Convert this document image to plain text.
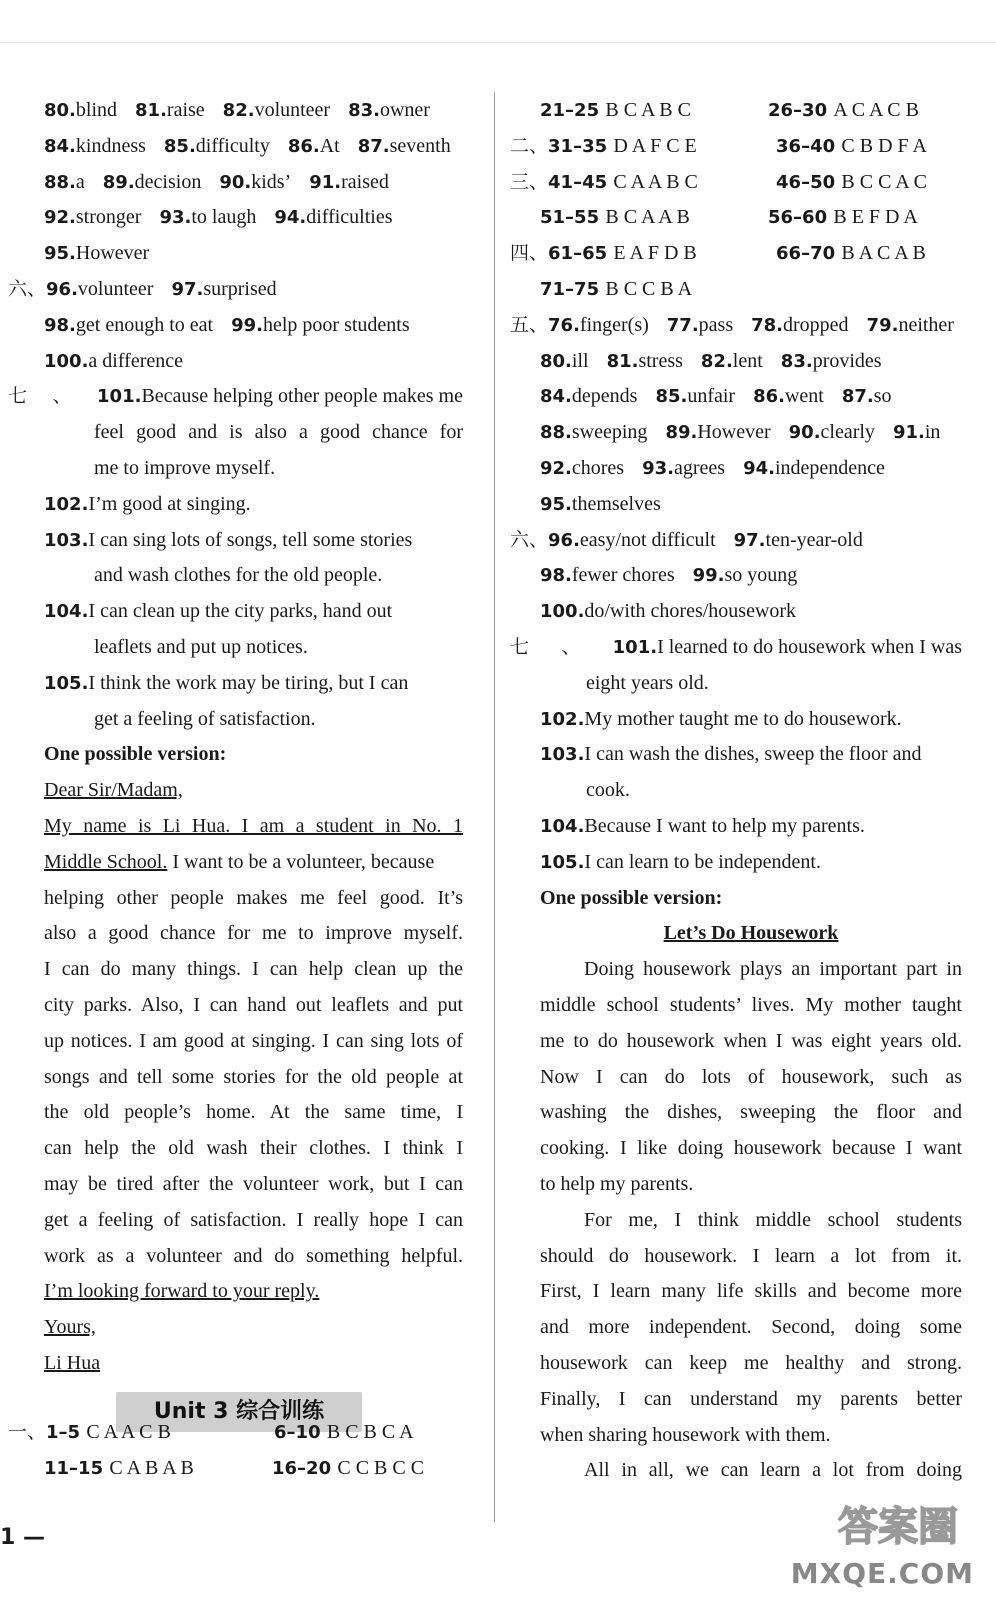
80.blind 81.raise 82.volunteer 83.owner
84.kindness 85.difficulty 86.At 87.seventh
88.a 89.decision 90.kids’ 91.raised
92.stronger 93.to laugh 94.difficulties
95.However
六、96.volunteer 97.surprised
98.get enough to eat 99.help poor students
100.a difference
七、101.Because helping other people makes me
feel good and is also a good chance for
me to improve myself.
102.I’m good at singing.
103.I can sing lots of songs, tell some stories
and wash clothes for the old people.
104.I can clean up the city parks, hand out
leaflets and put up notices.
105.I think the work may be tiring, but I can
get a feeling of satisfaction.
One possible version:
Dear Sir/Madam,
My name is Li Hua. I am a student in No. 1
Middle School. I want to be a volunteer, because
helping other people makes me feel good. It’s
also a good chance for me to improve myself.
I can do many things. I can help clean up the
city parks. Also, I can hand out leaflets and put
up notices. I am good at singing. I can sing lots of
songs and tell some stories for the old people at
the old people’s home. At the same time, I
can help the old wash their clothes. I think I
may be tired after the volunteer work, but I can
get a feeling of satisfaction. I really hope I can
work as a volunteer and do something helpful.
I’m looking forward to your reply.
Yours,
Li Hua
21–25 B C A B C	26–30 A C A C B
二、31–35 D A F C E	36–40 C B D F A
三、41–45 C A A B C	46–50 B C C A C
51–55 B C A A B	56–60 B E F D A
四、61–65 E A F D B	66–70 B A C A B
71–75 B C C B A
五、76.finger(s) 77.pass 78.dropped 79.neither
80.ill 81.stress 82.lent 83.provides
84.depends 85.unfair 86.went 87.so
88.sweeping 89.However 90.clearly 91.in
92.chores 93.agrees 94.independence
95.themselves
六、96.easy/not difficult 97.ten-year-old
98.fewer chores 99.so young
100.do/with chores/housework
七、101.I learned to do housework when I was
eight years old.
102.My mother taught me to do housework.
103.I can wash the dishes, sweep the floor and
cook.
104.Because I want to help my parents.
105.I can learn to be independent.
One possible version:
Let’s Do Housework
Doing housework plays an important part in
middle school students’ lives. My mother taught
me to do housework when I was eight years old.
Now I can do lots of housework, such as
washing the dishes, sweeping the floor and
cooking. I like doing housework because I want
to help my parents.
For me, I think middle school students
should do housework. I learn a lot from it.
First, I learn many life skills and become more
and more independent. Second, doing some
housework can keep me healthy and strong.
Finally, I can understand my parents better
when sharing housework with them.
All in all, we can learn a lot from doing
Unit 3 综合训练
1 —	答案圈
MXQE.COM
一、1–5 C A A C B	6–10 B C B C A
11–15 C A B A B	16–20 C C B C C
